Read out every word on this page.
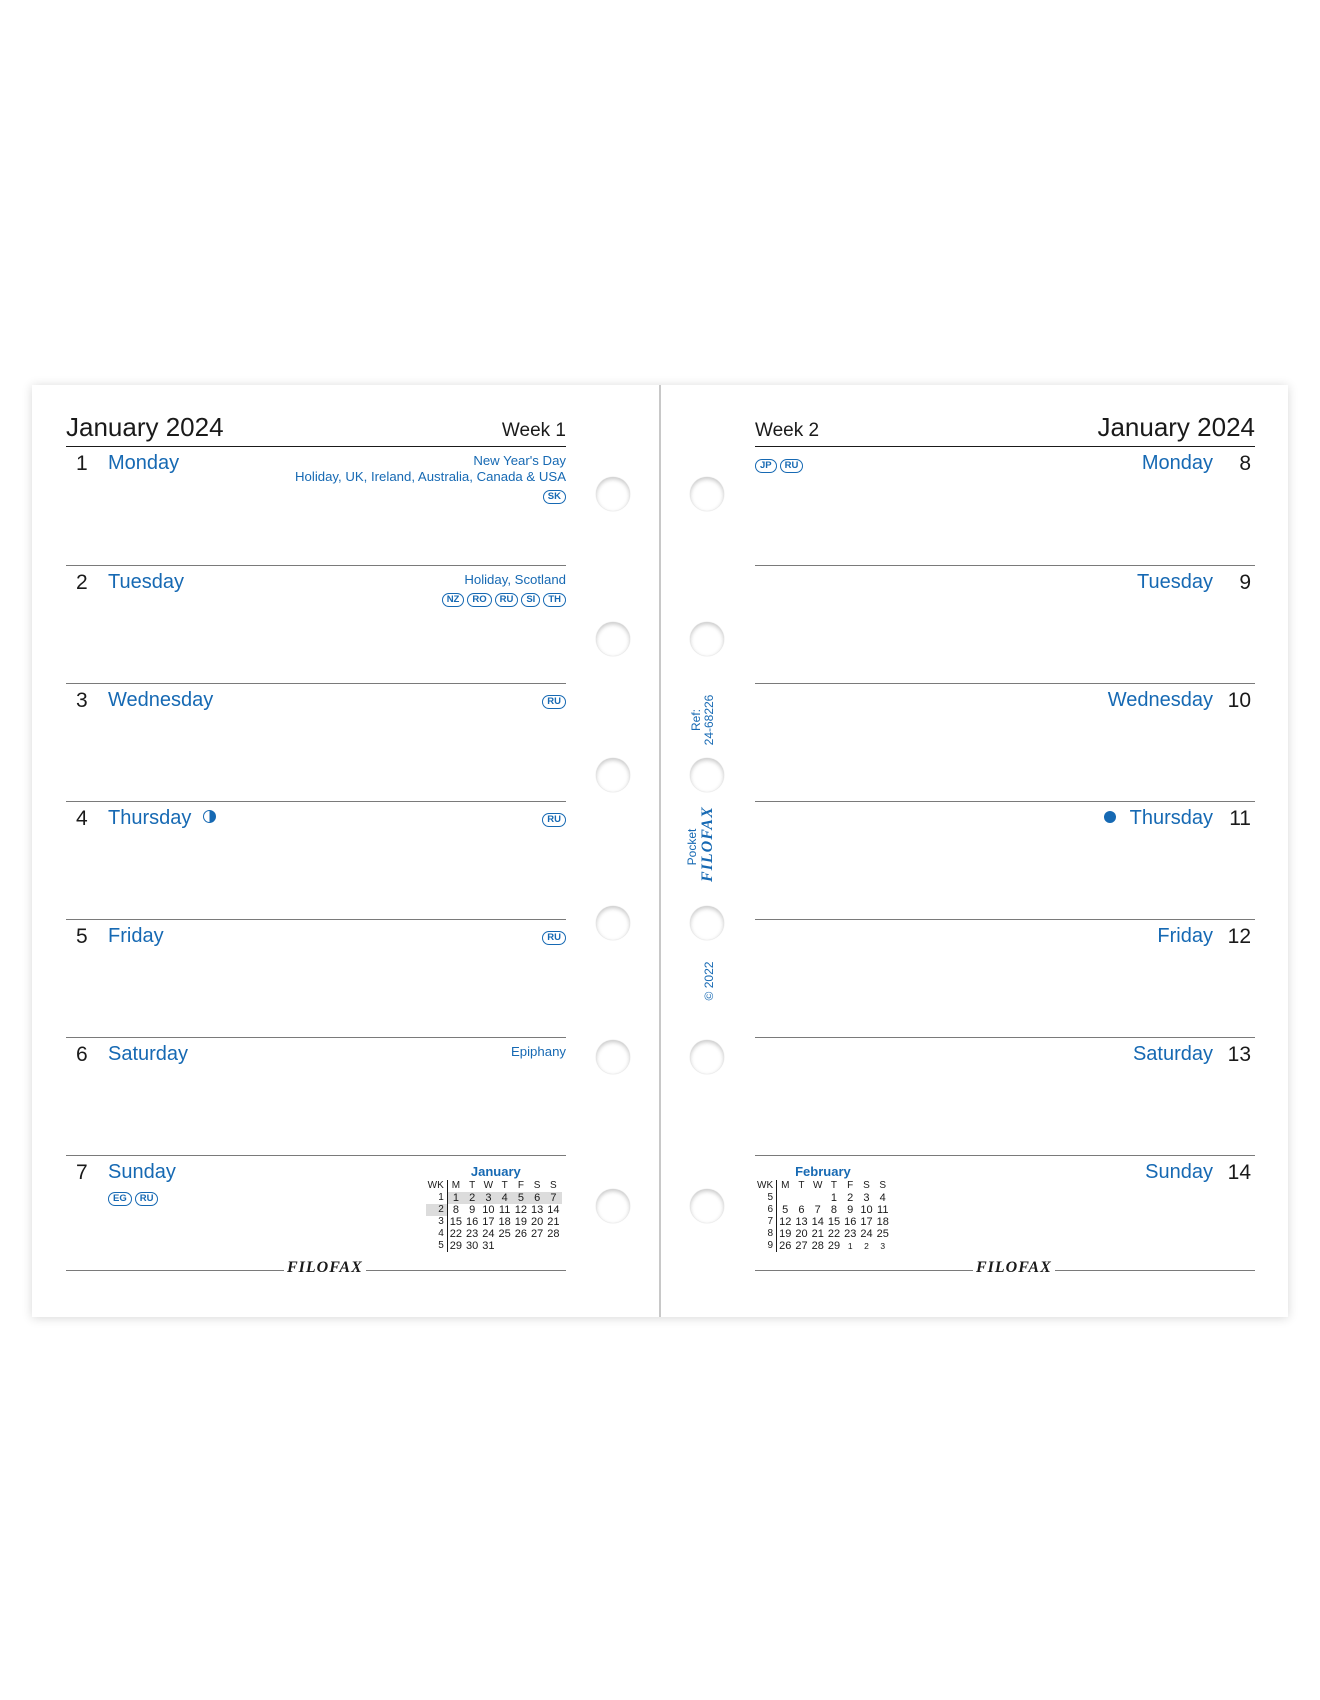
January 2024	Week 1
1 Monday	New Year's Day
Holiday, UK, Ireland, Australia, Canada & USA
SK
2 Tuesday	Holiday, Scotland
NZ RO RU SI TH
3 Wednesday	RU
4 Thursday	RU
5 Friday	RU
6 Saturday	Epiphany
7 Sunday
EG RU
January
WK	M	T	W	T	F	S	S	
1	1	2	3	4	5	6	7	
2	8	9	10	11	12	13	14	
3	15	16	17	18	19	20	21	
4	22	23	24	25	26	27	28	
5	29	30	31					
FILOFAX
January 2024
Week 2
8
Monday
JP RU
9
Tuesday
10
Wednesday
11
Thursday
12
Friday
13
Saturday
14
Sunday
February
WK	M	T	W	T	F	S	S
5				1	2	3	4
6	5	6	7	8	9	10	11
7	12	13	14	15	16	17	18
8	19	20	21	22	23	24	25
9	26	27	28	29	1	2	3
FILOFAX
Ref: 24-68226
Pocket FILOFAX
© 2022
